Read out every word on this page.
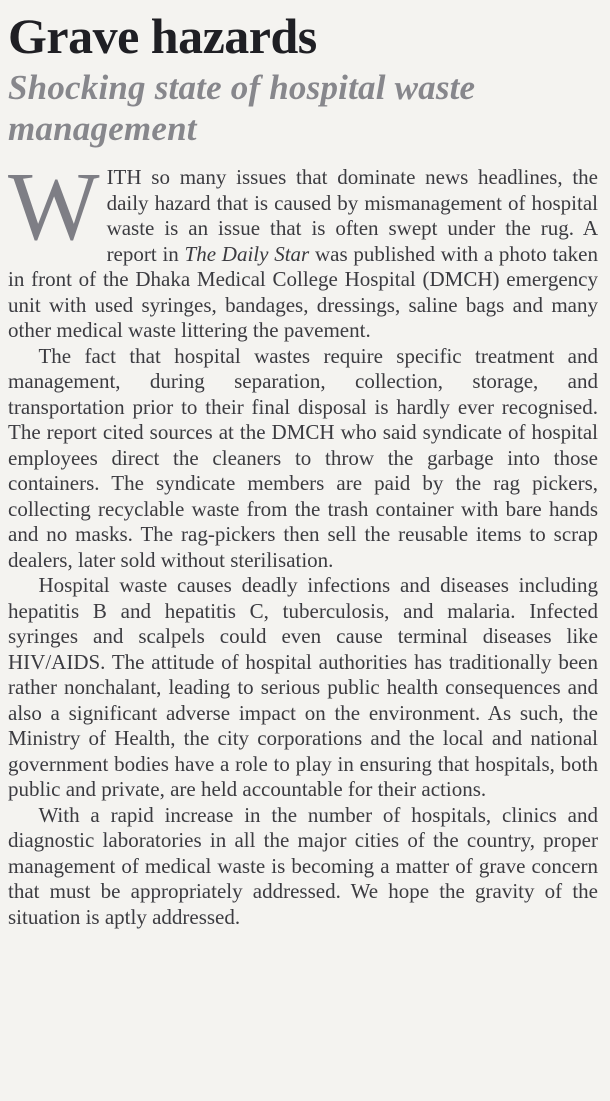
Grave hazards
Shocking state of hospital waste management

WITH so many issues that dominate news headlines, the daily hazard that is caused by mismanagement of hospital waste is an issue that is often swept under the rug. A report in The Daily Star was published with a photo taken in front of the Dhaka Medical College Hospital (DMCH) emergency unit with used syringes, bandages, dressings, saline bags and many other medical waste littering the pavement.

The fact that hospital wastes require specific treatment and management, during separation, collection, storage, and transportation prior to their final disposal is hardly ever recognised. The report cited sources at the DMCH who said syndicate of hospital employees direct the cleaners to throw the garbage into those containers. The syndicate members are paid by the rag pickers, collecting recyclable waste from the trash container with bare hands and no masks. The rag-pickers then sell the reusable items to scrap dealers, later sold without sterilisation.

Hospital waste causes deadly infections and diseases including hepatitis B and hepatitis C, tuberculosis, and malaria. Infected syringes and scalpels could even cause terminal diseases like HIV/AIDS. The attitude of hospital authorities has traditionally been rather nonchalant, leading to serious public health consequences and also a significant adverse impact on the environment. As such, the Ministry of Health, the city corporations and the local and national government bodies have a role to play in ensuring that hospitals, both public and private, are held accountable for their actions.

With a rapid increase in the number of hospitals, clinics and diagnostic laboratories in all the major cities of the country, proper management of medical waste is becoming a matter of grave concern that must be appropriately addressed. We hope the gravity of the situation is aptly addressed.
